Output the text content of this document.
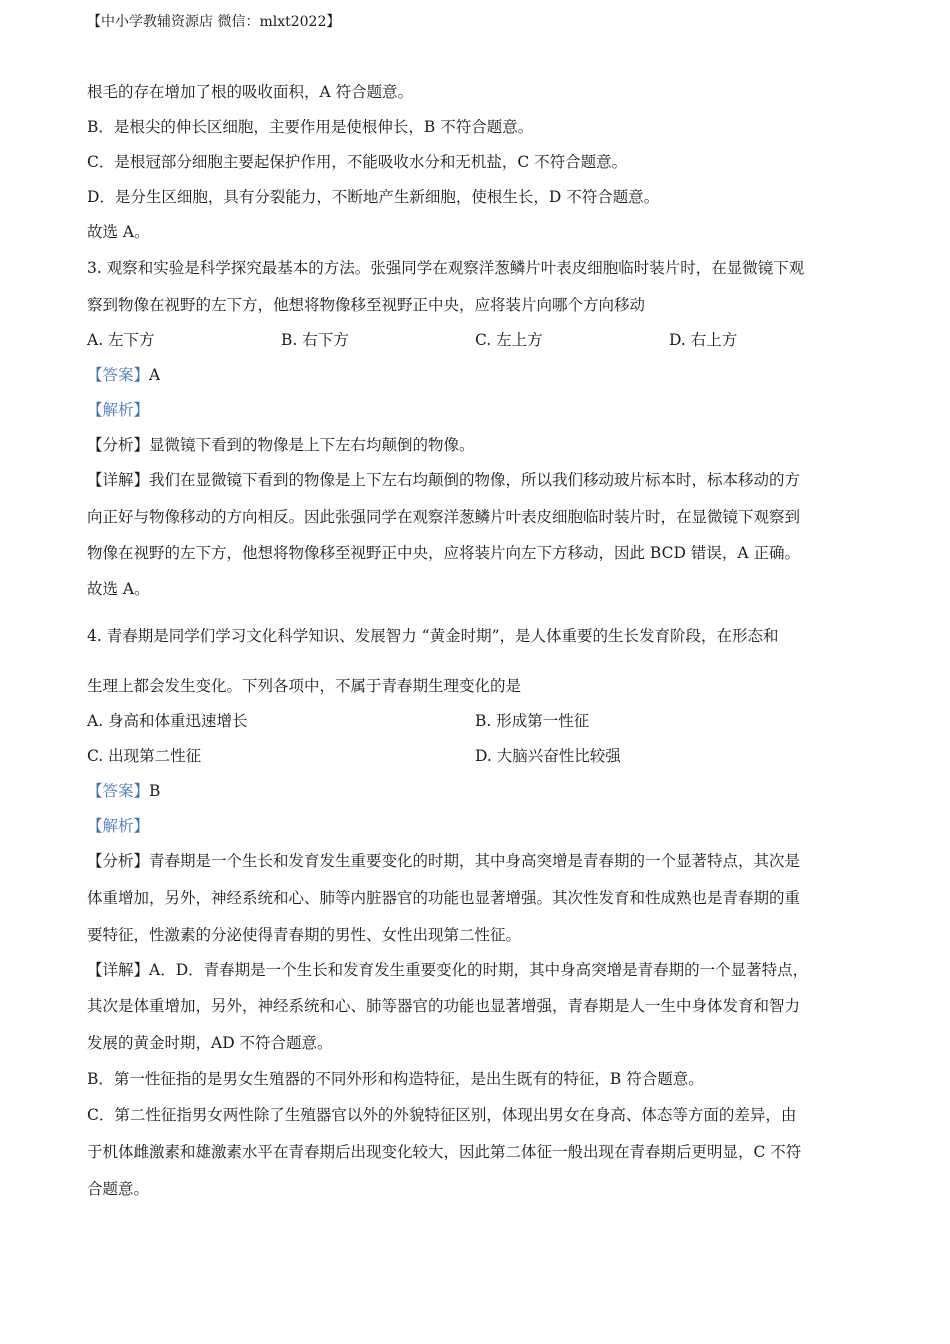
【中小学教辅资源店 微信：mlxt2022】
根毛的存在增加了根的吸收面积，A 符合题意。
B．是根尖的伸长区细胞，主要作用是使根伸长，B 不符合题意。
C．是根冠部分细胞主要起保护作用，不能吸收水分和无机盐，C 不符合题意。
D．是分生区细胞，具有分裂能力，不断地产生新细胞，使根生长，D 不符合题意。
故选 A。
3. 观察和实验是科学探究最基本的方法。张强同学在观察洋葱鳞片叶表皮细胞临时装片时，在显微镜下观
察到物像在视野的左下方，他想将物像移至视野正中央，应将装片向哪个方向移动
A. 左下方	B. 右下方	C. 左上方	D. 右上方
【答案】A
【解析】
【分析】显微镜下看到的物像是上下左右均颠倒的物像。
【详解】我们在显微镜下看到的物像是上下左右均颠倒的物像，所以我们移动玻片标本时，标本移动的方
向正好与物像移动的方向相反。因此张强同学在观察洋葱鳞片叶表皮细胞临时装片时，在显微镜下观察到
物像在视野的左下方，他想将物像移至视野正中央，应将装片向左下方移动，因此 BCD 错误，A 正确。
故选 A。
4. 青春期是同学们学习文化科学知识、发展智力 “黄金时期”，是人体重要的生长发育阶段，在形态和
生理上都会发生变化。下列各项中，不属于青春期生理变化的是
A. 身高和体重迅速增长	B. 形成第一性征
C. 出现第二性征	D. 大脑兴奋性比较强
【答案】B
【解析】
【分析】青春期是一个生长和发育发生重要变化的时期，其中身高突增是青春期的一个显著特点，其次是
体重增加，另外，神经系统和心、肺等内脏器官的功能也显著增强。其次性发育和性成熟也是青春期的重
要特征，性激素的分泌使得青春期的男性、女性出现第二性征。
【详解】A．D．青春期是一个生长和发育发生重要变化的时期，其中身高突增是青春期的一个显著特点，
其次是体重增加，另外，神经系统和心、肺等器官的功能也显著增强，青春期是人一生中身体发育和智力
发展的黄金时期，AD 不符合题意。
B．第一性征指的是男女生殖器的不同外形和构造特征，是出生既有的特征，B 符合题意。
C．第二性征指男女两性除了生殖器官以外的外貌特征区别，体现出男女在身高、体态等方面的差异，由
于机体雌激素和雄激素水平在青春期后出现变化较大，因此第二体征一般出现在青春期后更明显，C 不符
合题意。
